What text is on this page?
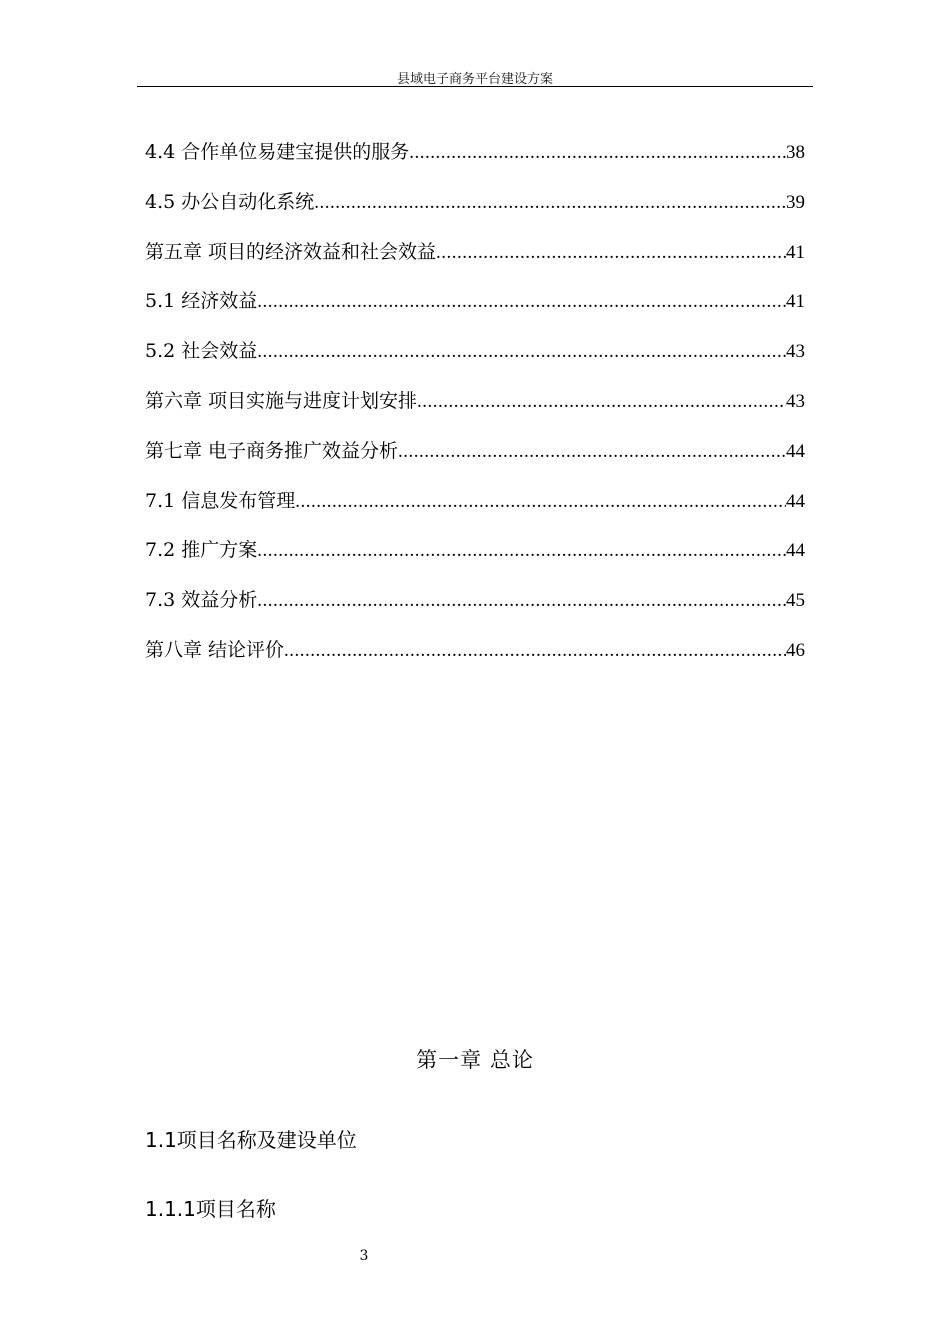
县域电子商务平台建设方案
4.4 合作单位易建宝提供的服务 .....	38
4.5 办公自动化系统 .....	39
第五章 项目的经济效益和社会效益 .....	41
5.1 经济效益 .....	41
5.2 社会效益 .....	43
第六章 项目实施与进度计划安排 .....	43
第七章 电子商务推广效益分析 .....	44
7.1 信息发布管理 .....	44
7.2 推广方案 .....	44
7.3 效益分析 .....	45
第八章 结论评价 .....	46
第一章 总论
1.1项目名称及建设单位
1.1.1项目名称
3
